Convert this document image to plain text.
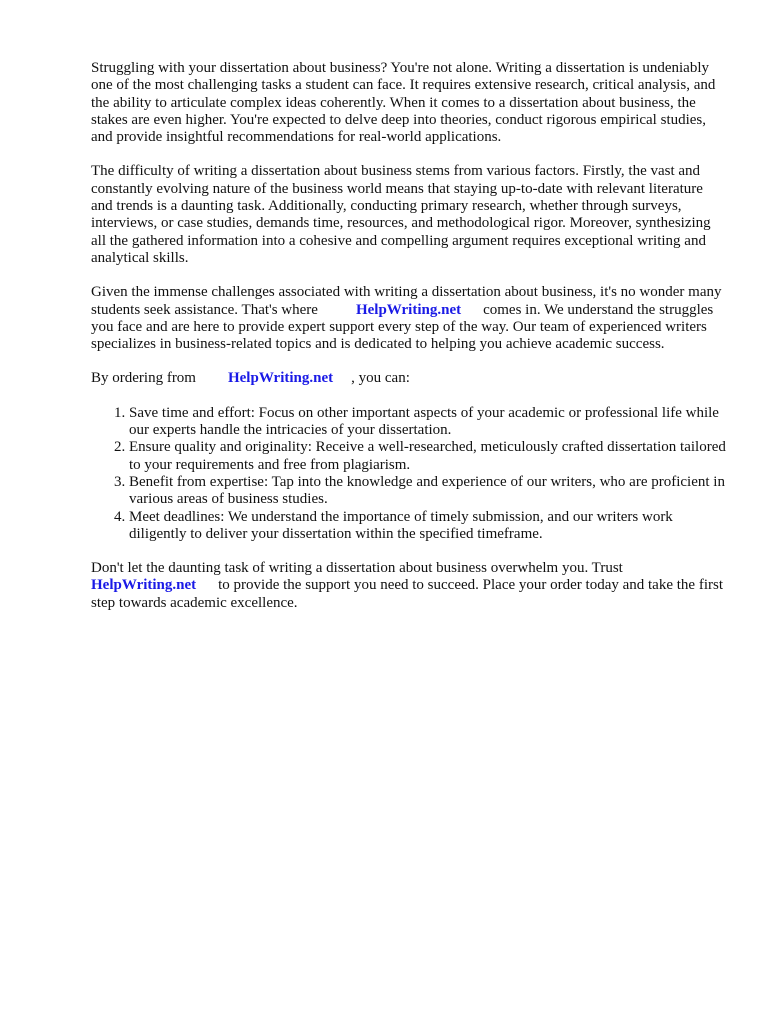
Struggling with your dissertation about business? You're not alone. Writing a dissertation is undeniably one of the most challenging tasks a student can face. It requires extensive research, critical analysis, and the ability to articulate complex ideas coherently. When it comes to a dissertation about business, the stakes are even higher. You're expected to delve deep into theories, conduct rigorous empirical studies, and provide insightful recommendations for real-world applications.

The difficulty of writing a dissertation about business stems from various factors. Firstly, the vast and constantly evolving nature of the business world means that staying up-to-date with relevant literature and trends is a daunting task. Additionally, conducting primary research, whether through surveys, interviews, or case studies, demands time, resources, and methodological rigor. Moreover, synthesizing all the gathered information into a cohesive and compelling argument requires exceptional writing and analytical skills.

Given the immense challenges associated with writing a dissertation about business, it's no wonder many students seek assistance. That's where	HelpWriting.net comes in. We understand the struggles you face and are here to provide expert support every step of the way. Our team of experienced writers specializes in business-related topics and is dedicated to helping you achieve academic success.

By ordering from HelpWriting.net , you can:

1. Save time and effort: Focus on other important aspects of your academic or professional life while our experts handle the intricacies of your dissertation.
2. Ensure quality and originality: Receive a well-researched, meticulously crafted dissertation tailored to your requirements and free from plagiarism.
3. Benefit from expertise: Tap into the knowledge and experience of our writers, who are proficient in various areas of business studies.
4. Meet deadlines: We understand the importance of timely submission, and our writers work diligently to deliver your dissertation within the specified timeframe.

Don't let the daunting task of writing a dissertation about business overwhelm you. Trust HelpWriting.net to provide the support you need to succeed. Place your order today and take the first step towards academic excellence.
